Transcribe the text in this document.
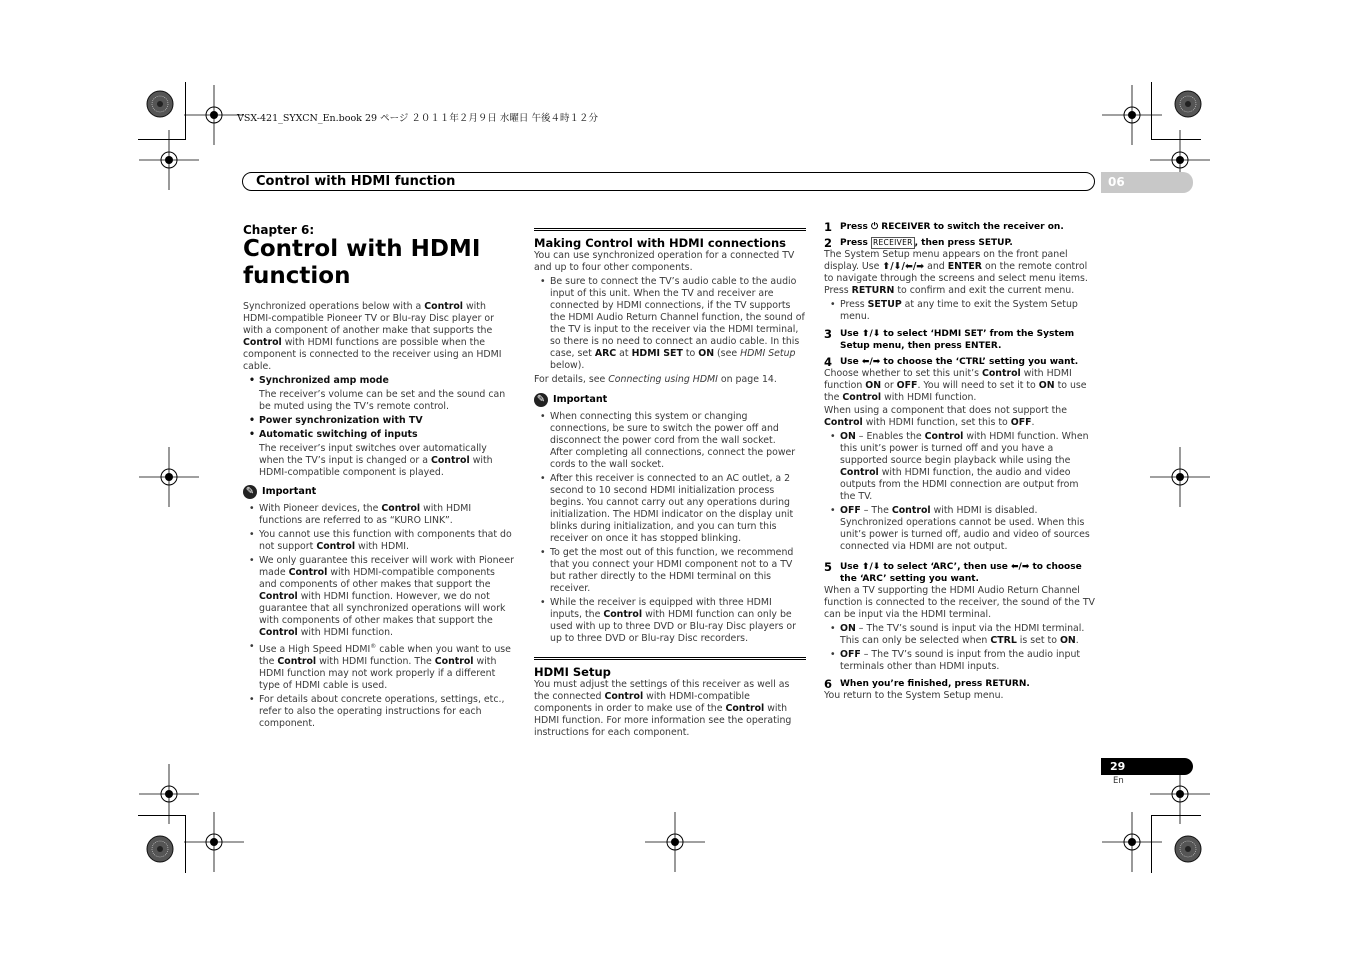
VSX-421_SYXCN_En.book 29 ページ ２０１１年２月９日 水曜日 午後４時１２分
Control with HDMI function	06

Chapter 6:

Control with HDMI
function

Synchronized operations below with a Control with HDMI-compatible Pioneer TV or Blu-ray Disc player or with a component of another make that supports the Control with HDMI functions are possible when the component is connected to the receiver using an HDMI cable.

• Synchronized amp mode

The receiver’s volume can be set and the sound can be muted using the TV’s remote control.

• Power synchronization with TV
• Automatic switching of inputs

The receiver’s input switches over automatically when the TV’s input is changed or a Control with HDMI-compatible component is played.

✎ Important
• With Pioneer devices, the Control with HDMI functions are referred to as “KURO LINK”.
• You cannot use this function with components that do not support Control with HDMI.
• We only guarantee this receiver will work with Pioneer made Control with HDMI-compatible components and components of other makes that support the Control with HDMI function. However, we do not guarantee that all synchronized operations will work with components of other makes that support the Control with HDMI function.
• Use a High Speed HDMI® cable when you want to use the Control with HDMI function. The Control with HDMI function may not work properly if a different type of HDMI cable is used.
• For details about concrete operations, settings, etc., refer to also the operating instructions for each component.

Making Control with HDMI connections

You can use synchronized operation for a connected TV and up to four other components.

• Be sure to connect the TV’s audio cable to the audio input of this unit. When the TV and receiver are connected by HDMI connections, if the TV supports the HDMI Audio Return Channel function, the sound of the TV is input to the receiver via the HDMI terminal, so there is no need to connect an audio cable. In this case, set ARC at HDMI SET to ON (see HDMI Setup below).

For details, see Connecting using HDMI on page 14.

✎ Important
• When connecting this system or changing connections, be sure to switch the power off and disconnect the power cord from the wall socket.
After completing all connections, connect the power cords to the wall socket.
• After this receiver is connected to an AC outlet, a 2 second to 10 second HDMI initialization process begins. You cannot carry out any operations during initialization. The HDMI indicator on the display unit blinks during initialization, and you can turn this receiver on once it has stopped blinking.
• To get the most out of this function, we recommend that you connect your HDMI component not to a TV but rather directly to the HDMI terminal on this receiver.
• While the receiver is equipped with three HDMI inputs, the Control with HDMI function can only be used with up to three DVD or Blu-ray Disc players or up to three DVD or Blu-ray Disc recorders.

HDMI Setup

You must adjust the settings of this receiver as well as the connected Control with HDMI-compatible components in order to make use of the Control with HDMI function. For more information see the operating instructions for each component.

1 Press ⏻ RECEIVER to switch the receiver on.
2 Press RECEIVER , then press SETUP.

The System Setup menu appears on the front panel display. Use ⬆/⬇/⬅/➡ and ENTER on the remote control to navigate through the screens and select menu items. Press RETURN to confirm and exit the current menu.

• Press SETUP at any time to exit the System Setup menu.
3 Use ⬆/⬇ to select ‘HDMI SET’ from the System Setup menu, then press ENTER.
4 Use ⬅/➡ to choose the ‘CTRL’ setting you want.

Choose whether to set this unit’s Control with HDMI function ON or OFF. You will need to set it to ON to use the Control with HDMI function.

When using a component that does not support the Control with HDMI function, set this to OFF.

• ON – Enables the Control with HDMI function. When this unit’s power is turned off and you have a supported source begin playback while using the Control with HDMI function, the audio and video outputs from the HDMI connection are output from the TV.
• OFF – The Control with HDMI is disabled. Synchronized operations cannot be used. When this unit’s power is turned off, audio and video of sources connected via HDMI are not output.
5 Use ⬆/⬇ to select ‘ARC’, then use ⬅/➡ to choose the ‘ARC’ setting you want.

When a TV supporting the HDMI Audio Return Channel function is connected to the receiver, the sound of the TV can be input via the HDMI terminal.

• ON – The TV’s sound is input via the HDMI terminal. This can only be selected when CTRL is set to ON.
• OFF – The TV’s sound is input from the audio input terminals other than HDMI inputs.
6 When you’re finished, press RETURN.

You return to the System Setup menu.

29
En
